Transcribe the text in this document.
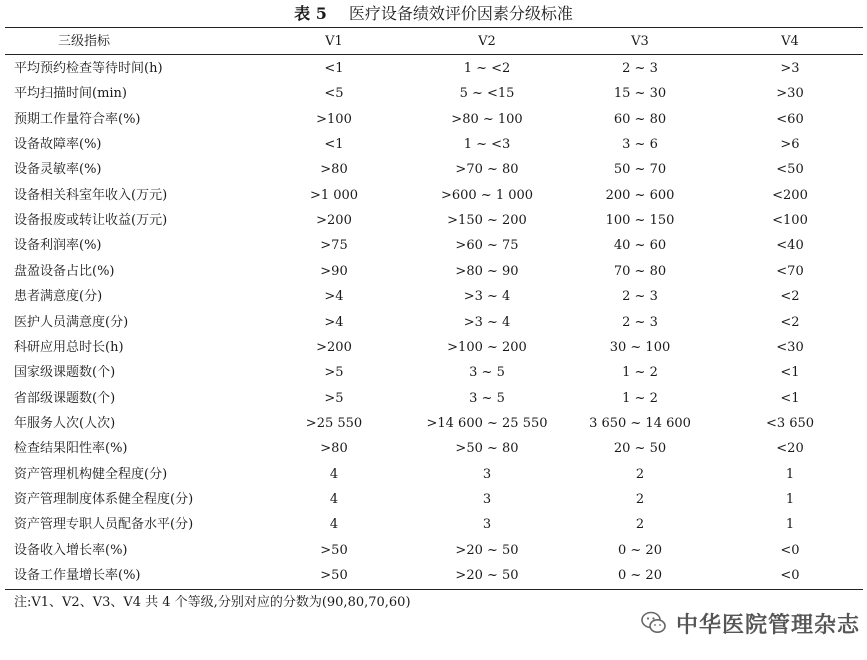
表 5 医疗设备绩效评价因素分级标准
三级指标	V1	V2	V3	V4
平均预约检查等待时间(h)	<1	1 ~ <2	2 ~ 3	>3
平均扫描时间(min)	<5	5 ~ <15	15 ~ 30	>30
预期工作量符合率(%)	>100	>80 ~ 100	60 ~ 80	<60
设备故障率(%)	<1	1 ~ <3	3 ~ 6	>6
设备灵敏率(%)	>80	>70 ~ 80	50 ~ 70	<50
设备相关科室年收入(万元)	>1 000	>600 ~ 1 000	200 ~ 600	<200
设备报废或转让收益(万元)	>200	>150 ~ 200	100 ~ 150	<100
设备利润率(%)	>75	>60 ~ 75	40 ~ 60	<40
盘盈设备占比(%)	>90	>80 ~ 90	70 ~ 80	<70
患者满意度(分)	>4	>3 ~ 4	2 ~ 3	<2
医护人员满意度(分)	>4	>3 ~ 4	2 ~ 3	<2
科研应用总时长(h)	>200	>100 ~ 200	30 ~ 100	<30
国家级课题数(个)	>5	3 ~ 5	1 ~ 2	<1
省部级课题数(个)	>5	3 ~ 5	1 ~ 2	<1
年服务人次(人次)	>25 550	>14 600 ~ 25 550	3 650 ~ 14 600	<3 650
检查结果阳性率(%)	>80	>50 ~ 80	20 ~ 50	<20
资产管理机构健全程度(分)	4	3	2	1
资产管理制度体系健全程度(分)	4	3	2	1
资产管理专职人员配备水平(分)	4	3	2	1
设备收入增长率(%)	>50	>20 ~ 50	0 ~ 20	<0
设备工作量增长率(%)	>50	>20 ~ 50	0 ~ 20	<0
注:V1、V2、V3、V4 共 4 个等级,分别对应的分数为(90,80,70,60)
中华医院管理杂志
